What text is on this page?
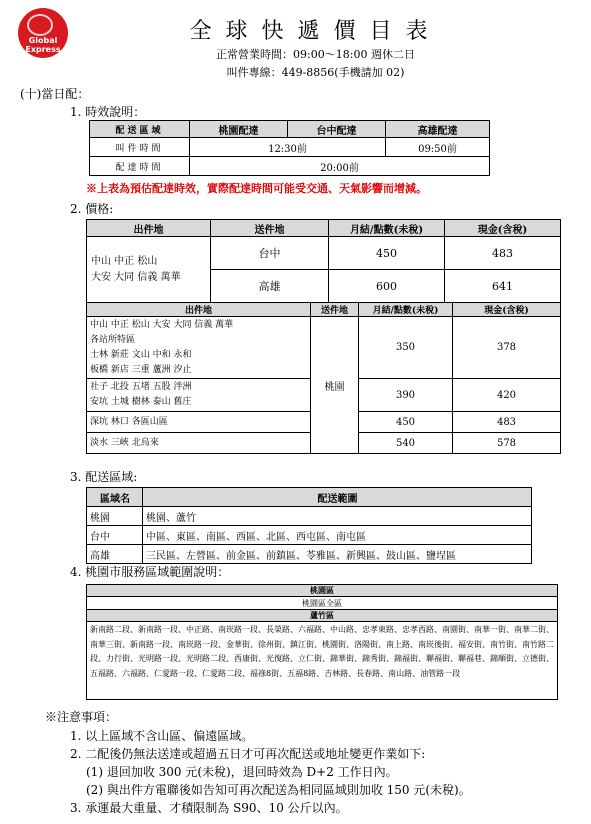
Global
Express
全球快遞價目表
正常營業時間：09:00～18:00 週休二日
叫件專線：449-8856(手機請加 02)
(十)當日配：
1. 時效說明：
配送區域	桃園配達	台中配達	高雄配達
叫件時間	12:30前		09:50前
配達時間	20:00前		
※上表為預估配達時效，實際配達時間可能受交通、天氣影響而增減。
2. 價格:
出件地	送件地	月結/點數(未稅)	現金(含稅)

中山 中正 松山
大安 大同 信義 萬華	台中	450	483
	高雄	600	641
出件地	送件地	月結/點數(未稅)	現金(含稅)

中山 中正 松山 大安 大同 信義 萬華
各站所特區
士林 新莊 文山 中和 永和
板橋 新店 三重 蘆洲 汐止	桃園	350	378

社子 北投 五堵 五股 泮洲
安坑 土城 樹林 泰山 舊庄		390	420

深坑 林口 各區山區		450	483

淡水 三峽 北烏來		540	578
3. 配送區域:
區域名	配送範圍
桃園	桃園、蘆竹
台中	中區、東區、南區、西區、北區、西屯區、南屯區
高雄	三民區、左營區、前金區、前鎮區、苓雅區、新興區、鼓山區、鹽埕區
4. 桃園市服務區域範圍說明：
桃園區
桃園區全區
蘆竹區
新南路二段、新南路一段、中正路、南崁路一段、長榮路、六福路、中山路、忠孝東路、忠孝西路、南園街、南華一街、南華二街、南華三街、新南路一段、南崁路一段、金華街、徐州街、鎮江街、桃園街、洛陽街、南上路、南崁後街、福安街、南竹街、南竹路二段、力行街、光明路一段、光明路二段、西康街、光復路、立仁街、錦華街、錦秀街、錦福街、聯福街、聯福巷、錦順街、立德街、五福路、六福路、仁愛路一段、仁愛路二段、福祿8街、五福8路、吉林路、長春路、南山路、油管路一段
※注意事項：
1. 以上區域不含山區、偏遠區域。
2. 二配後仍無法送達或超過五日才可再次配送或地址變更作業如下:
(1) 退回加收 300 元(未稅)，退回時效為 D+2 工作日內。
(2) 與出件方電聯後如告知可再次配送為相同區域則加收 150 元(未稅)。
3. 承運最大重量、才積限制為 S90、10 公斤以內。
